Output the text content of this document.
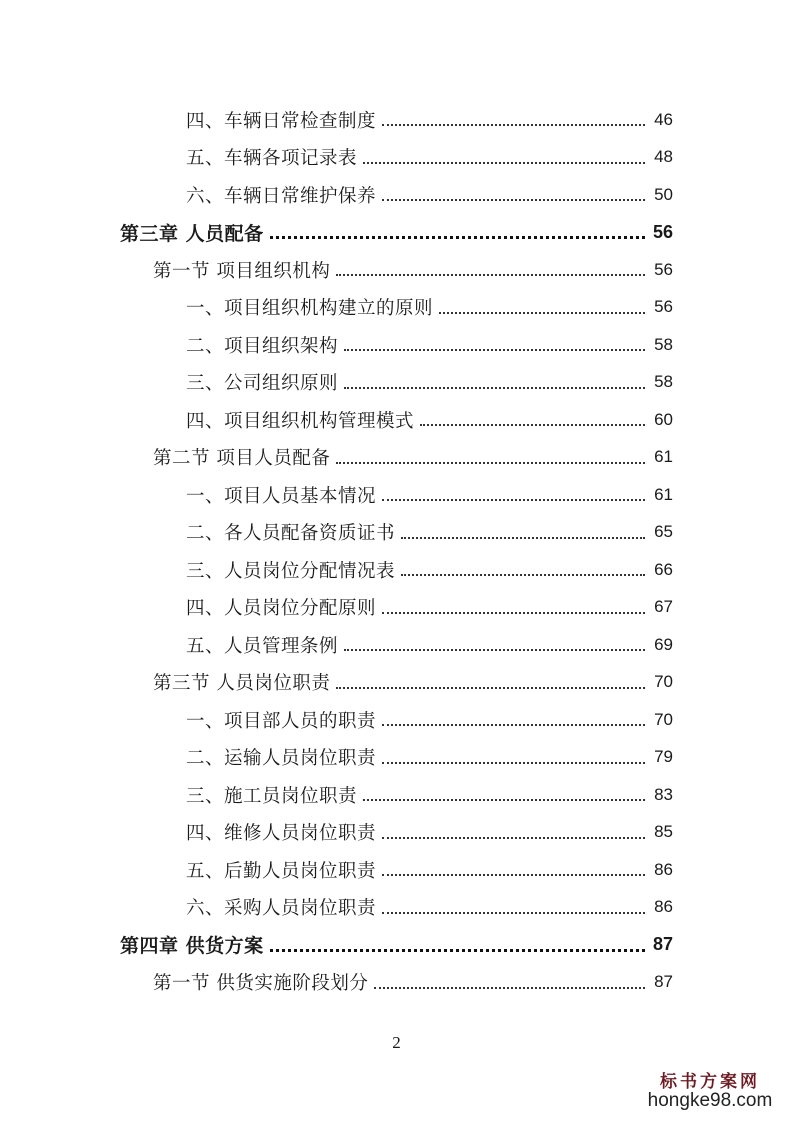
四、车辆日常检查制度	46
五、车辆各项记录表	48
六、车辆日常维护保养	50
第三章 人员配备	56
第一节 项目组织机构	56
一、项目组织机构建立的原则	56
二、项目组织架构	58
三、公司组织原则	58
四、项目组织机构管理模式	60
第二节 项目人员配备	61
一、项目人员基本情况	61
二、各人员配备资质证书	65
三、人员岗位分配情况表	66
四、人员岗位分配原则	67
五、人员管理条例	69
第三节 人员岗位职责	70
一、项目部人员的职责	70
二、运输人员岗位职责	79
三、施工员岗位职责	83
四、维修人员岗位职责	85
五、后勤人员岗位职责	86
六、采购人员岗位职责	86
第四章 供货方案	87
第一节 供货实施阶段划分	87
2
标书方案网
hongke98.com
